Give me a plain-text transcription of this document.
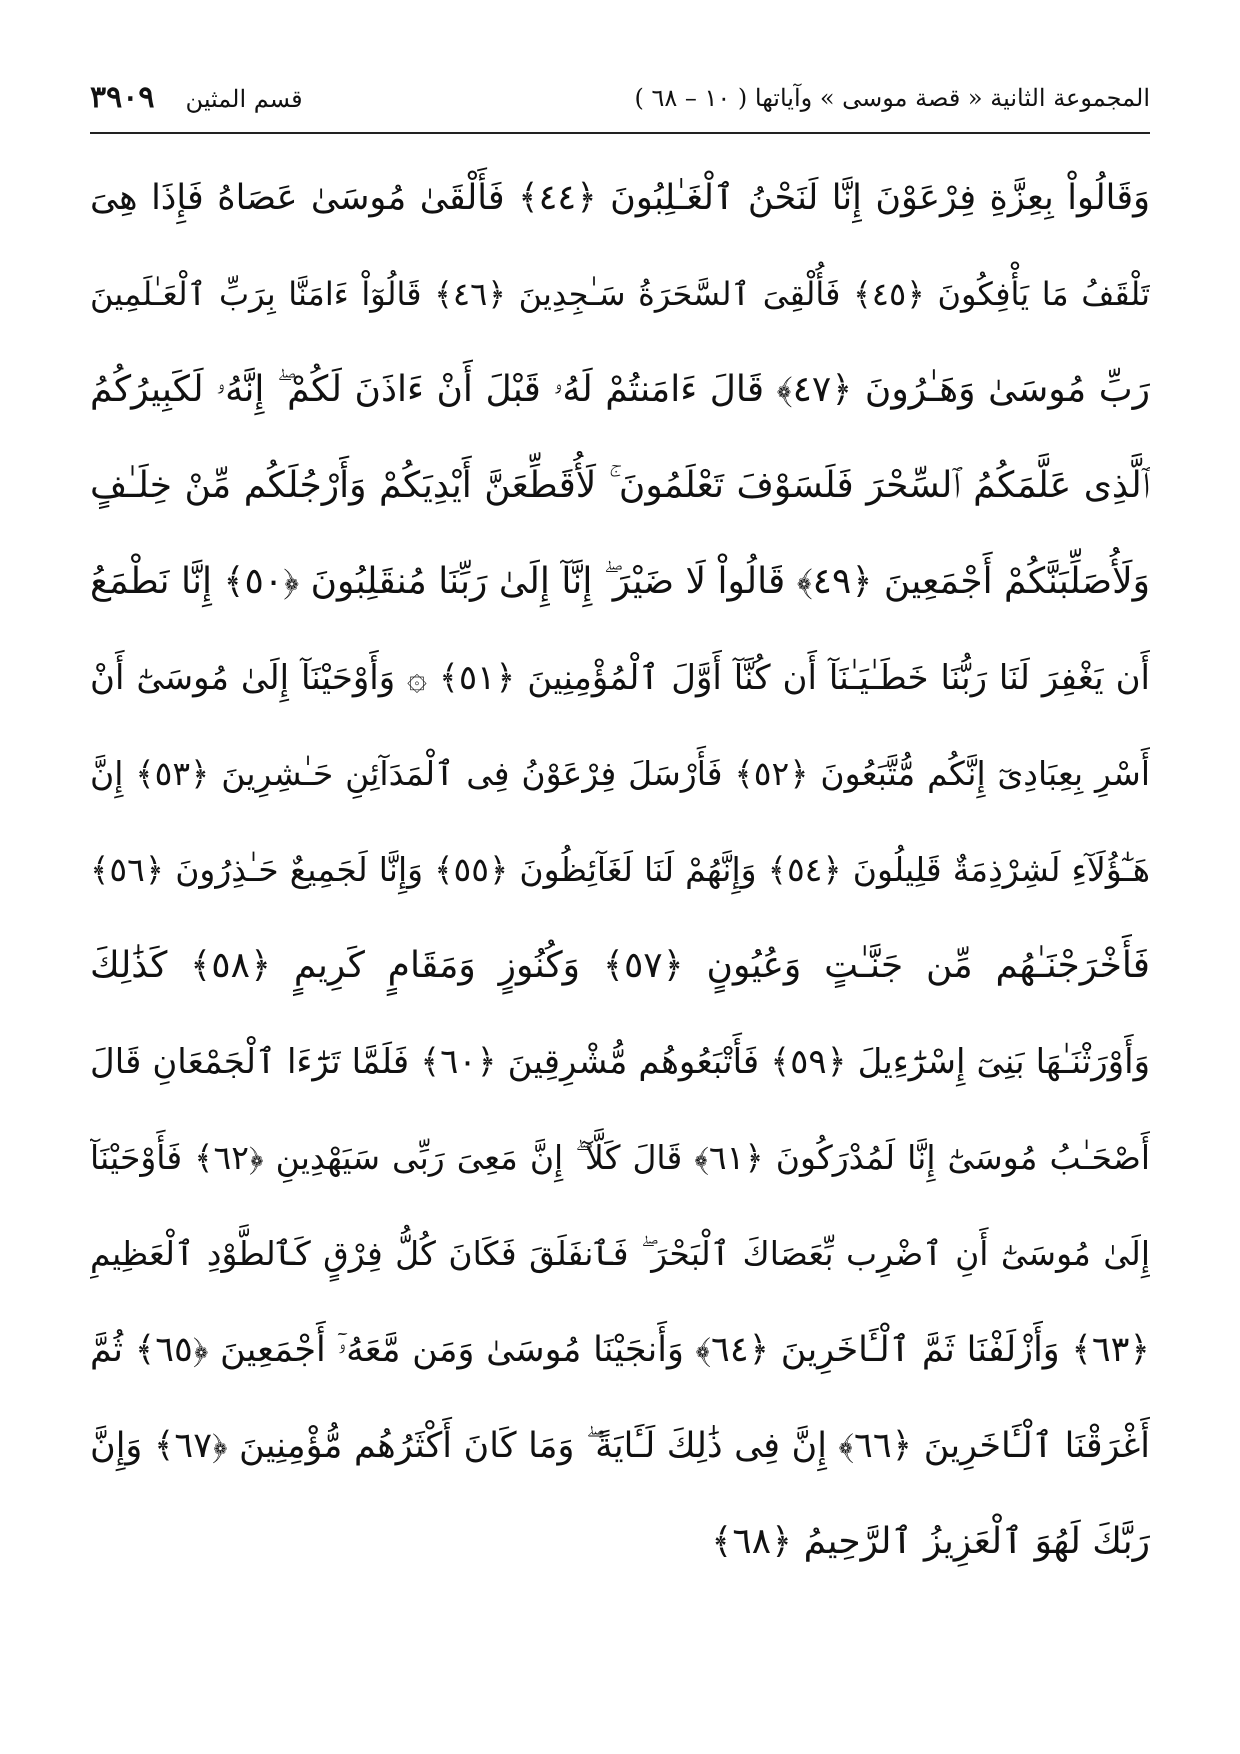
المجموعة الثانية « قصة موسى » وآياتها ( ١٠ – ٦٨ )
قسم المثين ٣٩٠٩
وَقَالُواْ بِعِزَّةِ فِرْعَوْنَ إِنَّا لَنَحْنُ ٱلْغَـٰلِبُونَ ﴿٤٤﴾ فَأَلْقَىٰ مُوسَىٰ عَصَاهُ فَإِذَا هِىَ
تَلْقَفُ مَا يَأْفِكُونَ ﴿٤٥﴾ فَأُلْقِىَ ٱلسَّحَرَةُ سَـٰجِدِينَ ﴿٤٦﴾ قَالُوٓاْ ءَامَنَّا بِرَبِّ ٱلْعَـٰلَمِينَ
رَبِّ مُوسَىٰ وَهَـٰرُونَ ﴿٤٧﴾ قَالَ ءَامَنتُمْ لَهُۥ قَبْلَ أَنْ ءَاذَنَ لَكُمْ ۖ إِنَّهُۥ لَكَبِيرُكُمُ
ٱلَّذِى عَلَّمَكُمُ ٱلسِّحْرَ فَلَسَوْفَ تَعْلَمُونَ ۚ لَأُقَطِّعَنَّ أَيْدِيَكُمْ وَأَرْجُلَكُم مِّنْ خِلَـٰفٍ
وَلَأُصَلِّبَنَّكُمْ أَجْمَعِينَ ﴿٤٩﴾ قَالُواْ لَا ضَيْرَ ۖ إِنَّآ إِلَىٰ رَبِّنَا مُنقَلِبُونَ ﴿٥٠﴾ إِنَّا نَطْمَعُ
أَن يَغْفِرَ لَنَا رَبُّنَا خَطَـٰيَـٰنَآ أَن كُنَّآ أَوَّلَ ٱلْمُؤْمِنِينَ ﴿٥١﴾ ۞ وَأَوْحَيْنَآ إِلَىٰ مُوسَىٰٓ أَنْ
أَسْرِ بِعِبَادِىٓ إِنَّكُم مُّتَّبَعُونَ ﴿٥٢﴾ فَأَرْسَلَ فِرْعَوْنُ فِى ٱلْمَدَآئِنِ حَـٰشِرِينَ ﴿٥٣﴾ إِنَّ
هَـٰٓؤُلَآءِ لَشِرْذِمَةٌ قَلِيلُونَ ﴿٥٤﴾ وَإِنَّهُمْ لَنَا لَغَآئِظُونَ ﴿٥٥﴾ وَإِنَّا لَجَمِيعٌ حَـٰذِرُونَ ﴿٥٦﴾
فَأَخْرَجْنَـٰهُم مِّن جَنَّـٰتٍ وَعُيُونٍ ﴿٥٧﴾ وَكُنُوزٍ وَمَقَامٍ كَرِيمٍ ﴿٥٨﴾ كَذَٰلِكَ
وَأَوْرَثْنَـٰهَا بَنِىٓ إِسْرَٰٓءِيلَ ﴿٥٩﴾ فَأَتْبَعُوهُم مُّشْرِقِينَ ﴿٦٠﴾ فَلَمَّا تَرَٰٓءَا ٱلْجَمْعَانِ قَالَ
أَصْحَـٰبُ مُوسَىٰٓ إِنَّا لَمُدْرَكُونَ ﴿٦١﴾ قَالَ كَلَّآ ۖ إِنَّ مَعِىَ رَبِّى سَيَهْدِينِ ﴿٦٢﴾ فَأَوْحَيْنَآ
إِلَىٰ مُوسَىٰٓ أَنِ ٱضْرِب بِّعَصَاكَ ٱلْبَحْرَ ۖ فَٱنفَلَقَ فَكَانَ كُلُّ فِرْقٍ كَٱلطَّوْدِ ٱلْعَظِيمِ
﴿٦٣﴾ وَأَزْلَفْنَا ثَمَّ ٱلْـَٔاخَرِينَ ﴿٦٤﴾ وَأَنجَيْنَا مُوسَىٰ وَمَن مَّعَهُۥٓ أَجْمَعِينَ ﴿٦٥﴾ ثُمَّ
أَغْرَقْنَا ٱلْـَٔاخَرِينَ ﴿٦٦﴾ إِنَّ فِى ذَٰلِكَ لَـَٔايَةً ۖ وَمَا كَانَ أَكْثَرُهُم مُّؤْمِنِينَ ﴿٦٧﴾ وَإِنَّ
رَبَّكَ لَهُوَ ٱلْعَزِيزُ ٱلرَّحِيمُ ﴿٦٨﴾
